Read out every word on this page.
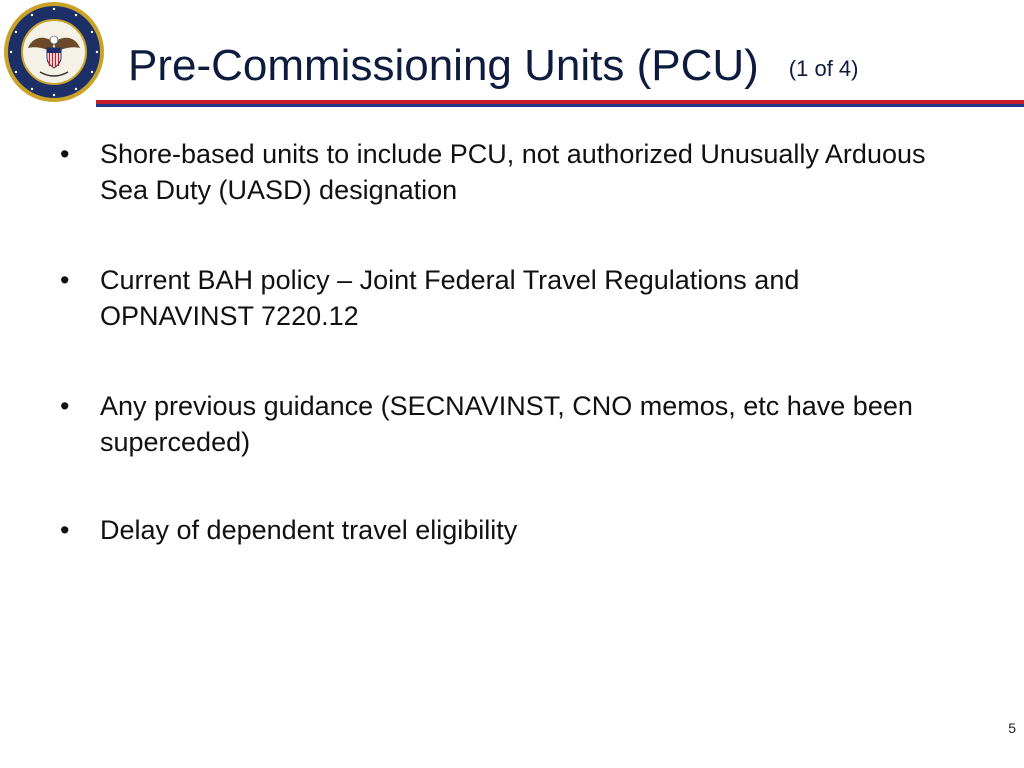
Pre-Commissioning Units (PCU) (1 of 4)
• Shore-based units to include PCU, not authorized Unusually Arduous Sea Duty (UASD) designation
• Current BAH policy – Joint Federal Travel Regulations and OPNAVINST 7220.12
• Any previous guidance (SECNAVINST, CNO memos, etc have been superceded)
• Delay of dependent travel eligibility
5
